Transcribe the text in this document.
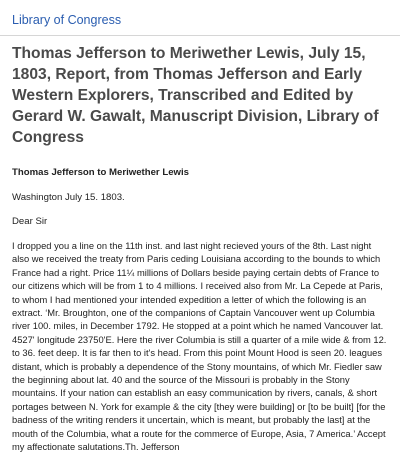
Library of Congress
Thomas Jefferson to Meriwether Lewis, July 15, 1803, Report, from Thomas Jefferson and Early Western Explorers, Transcribed and Edited by Gerard W. Gawalt, Manuscript Division, Library of Congress
Thomas Jefferson to Meriwether Lewis
Washington July 15. 1803.
Dear Sir

I dropped you a line on the 11th inst. and last night recieved yours of the 8th. Last night also we received the treaty from Paris ceding Louisiana according to the bounds to which France had a right. Price 11¼ millions of Dollars beside paying certain debts of France to our citizens which will be from 1 to 4 millions. I received also from Mr. La Cepede at Paris, to whom I had mentioned your intended expedition a letter of which the following is an extract. ‘Mr. Broughton, one of the companions of Captain Vancouver went up Columbia river 100. miles, in December 1792. He stopped at a point which he named Vancouver lat. 4527' longitude 23750'E. Here the river Columbia is still a quarter of a mile wide & from 12. to 36. feet deep. It is far then to it's head. From this point Mount Hood is seen 20. leagues distant, which is probably a dependence of the Stony mountains, of which Mr. Fiedler saw the beginning about lat. 40 and the source of the Missouri is probably in the Stony mountains. If your nation can establish an easy communication by rivers, canals, & short portages between N. York for example & the city [they were building] or [to be built] [for the badness of the writing renders it uncertain, which is meant, but probably the last] at the mouth of the Columbia, what a route for the commerce of Europe, Asia, 7 America.’ Accept my affectionate salutations.Th. Jefferson
